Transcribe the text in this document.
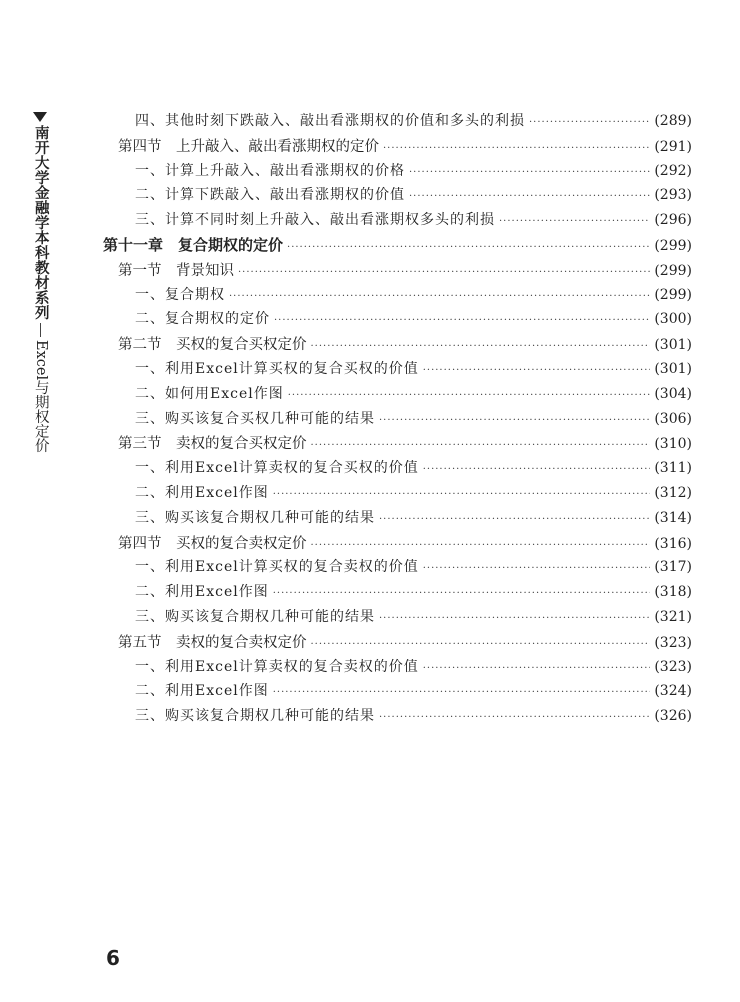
南开大学金融学本科教材系列
Excel与期权定价
四、其他时刻下跌敲入、敲出看涨期权的价值和多头的利损 ·····	(289)
第四节　上升敲入、敲出看涨期权的定价 ·····	(291)
一、计算上升敲入、敲出看涨期权的价格 ·····	(292)
二、计算下跌敲入、敲出看涨期权的价值 ·····	(293)
三、计算不同时刻上升敲入、敲出看涨期权多头的利损 ·····	(296)
第十一章　复合期权的定价 ·····	(299)
第一节　背景知识 ·····	(299)
一、复合期权 ·····	(299)
二、复合期权的定价 ·····	(300)
第二节　买权的复合买权定价 ·····	(301)
一、利用Excel计算买权的复合买权的价值 ·····	(301)
二、如何用Excel作图 ·····	(304)
三、购买该复合买权几种可能的结果 ·····	(306)
第三节　卖权的复合买权定价 ·····	(310)
一、利用Excel计算卖权的复合买权的价值 ·····	(311)
二、利用Excel作图 ·····	(312)
三、购买该复合期权几种可能的结果 ·····	(314)
第四节　买权的复合卖权定价 ·····	(316)
一、利用Excel计算买权的复合卖权的价值 ·····	(317)
二、利用Excel作图 ·····	(318)
三、购买该复合期权几种可能的结果 ·····	(321)
第五节　卖权的复合卖权定价 ·····	(323)
一、利用Excel计算卖权的复合卖权的价值 ·····	(323)
二、利用Excel作图 ·····	(324)
三、购买该复合期权几种可能的结果 ·····	(326)
6
